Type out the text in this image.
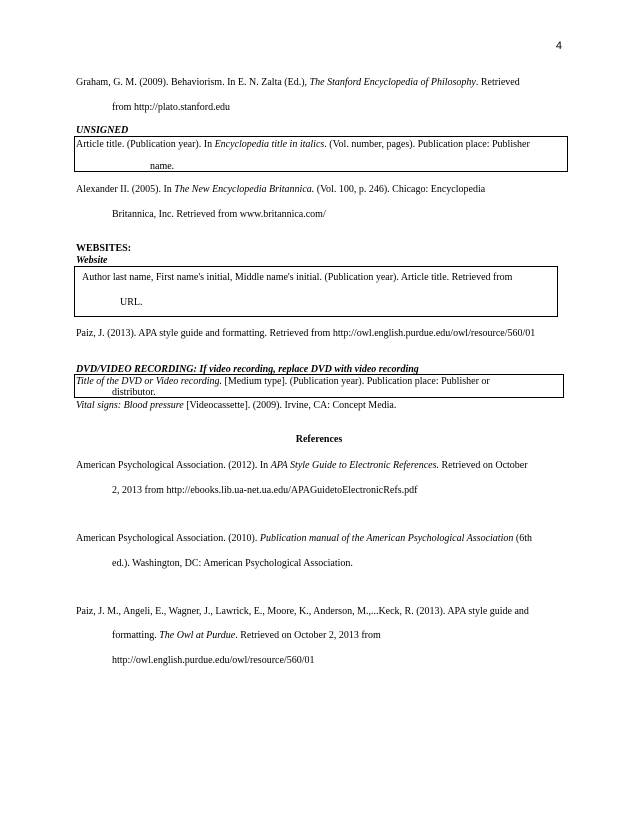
4
Graham, G. M. (2009). Behaviorism. In E. N. Zalta (Ed.), The Stanford Encyclopedia of Philosophy. Retrieved
from http://plato.stanford.edu
UNSIGNED
Article title. (Publication year). In Encyclopedia title in italics. (Vol. number, pages). Publication place: Publisher
name.
Alexander II. (2005). In The New Encyclopedia Britannica. (Vol. 100, p. 246). Chicago: Encyclopedia
Britannica, Inc. Retrieved from www.britannica.com/
WEBSITES:
Website
Author last name, First name's initial, Middle name's initial. (Publication year). Article title. Retrieved from
URL.
Paiz, J. (2013). APA style guide and formatting. Retrieved from http://owl.english.purdue.edu/owl/resource/560/01
DVD/VIDEO RECORDING: If video recording, replace DVD with video recording
Title of the DVD or Video recording. [Medium type]. (Publication year). Publication place: Publisher or
distributor.
Vital signs: Blood pressure [Videocassette]. (2009). Irvine, CA: Concept Media.
References
American Psychological Association. (2012). In APA Style Guide to Electronic References. Retrieved on October
2, 2013 from http://ebooks.lib.ua-net.ua.edu/APAGuidetoElectronicRefs.pdf
American Psychological Association. (2010). Publication manual of the American Psychological Association (6th
ed.). Washington, DC: American Psychological Association.
Paiz, J. M., Angeli, E., Wagner, J., Lawrick, E., Moore, K., Anderson, M.,...Keck, R. (2013). APA style guide and
formatting. The Owl at Purdue. Retrieved on October 2, 2013 from
http://owl.english.purdue.edu/owl/resource/560/01
